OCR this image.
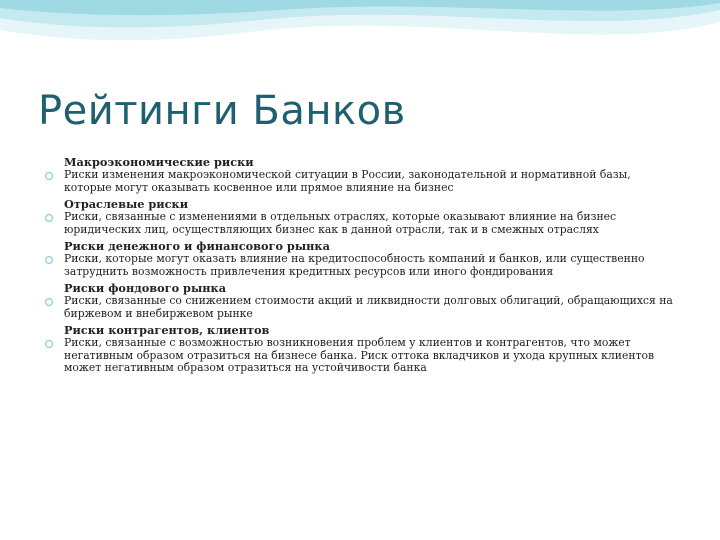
Рейтинги Банков
Макроэкономические риски
Риски изменения макроэкономической ситуации в России, законодательной и нормативной базы, которые могут оказывать косвенное или прямое влияние на бизнес
Отраслевые риски
Риски, связанные с изменениями в отдельных отраслях, которые оказывают влияние на бизнес юридических лиц, осуществляющих бизнес как в данной отрасли, так и в смежных отраслях
Риски денежного и финансового рынка
Риски, которые могут оказать влияние на кредитоспособность компаний и банков, или существенно затруднить возможность привлечения кредитных ресурсов или иного фондирования
Риски фондового рынка
Риски, связанные со снижением стоимости акций и ликвидности долговых облигаций, обращающихся на биржевом и внебиржевом рынке
Риски контрагентов, клиентов
Риски, связанные с возможностью возникновения проблем у клиентов и контрагентов, что может негативным образом отразиться на бизнесе банка. Риск оттока вкладчиков и ухода крупных клиентов может негативным образом отразиться на устойчивости банка
